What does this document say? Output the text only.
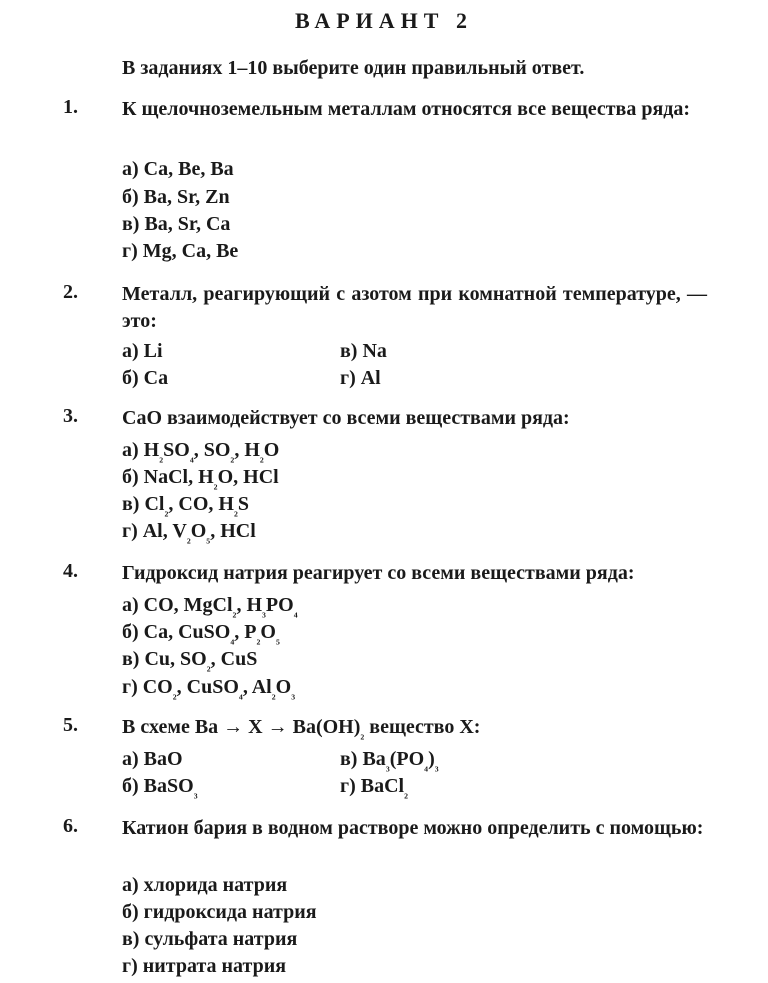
ВАРИАНТ 2
В заданиях 1–10 выберите один правильный ответ.
1. К щелочноземельным металлам относятся все вещества ряда:
а) Ca, Be, Ba
б) Ba, Sr, Zn
в) Ba, Sr, Ca
г) Mg, Ca, Be
2. Металл, реагирующий с азотом при комнатной температуре, — это:
а) Li
б) Ca
в) Na
г) Al
3. CaO взаимодействует со всеми веществами ряда:
а) $H_{_2}SO_{_4}$, $SO_{_2}$, $H_{_2}O$
б) NaCl, $H_{_2}O$, HCl
в) $Cl_{_2}$, CO, $H_{_2}S$
г) Al, $V_{_2}O_{_5}$, HCl
4. Гидроксид натрия реагирует со всеми веществами ряда:
а) CO, MgCl$_{_2}$, $H_{_3}PO_{_4}$
б) Ca, CuSO$_{_4}$, $P_{_2}O_{_5}$
в) Cu, $SO_{_2}$, CuS
г) $CO_{_2}$, CuSO$_{_4}$, $Al_{_2}O_{_3}$
5. В схеме $Ba \to X \to Ba(OH)_{_2}$ вещество X:
а) BaO
б) BaSO$_{_3}$
в) $Ba_{_3}(PO_{_4})_{_3}$
г) BaCl$_{_2}$
6. Катион бария в водном растворе можно определить с помощью:
а) хлорида натрия
б) гидроксида натрия
в) сульфата натрия
г) нитрата натрия
